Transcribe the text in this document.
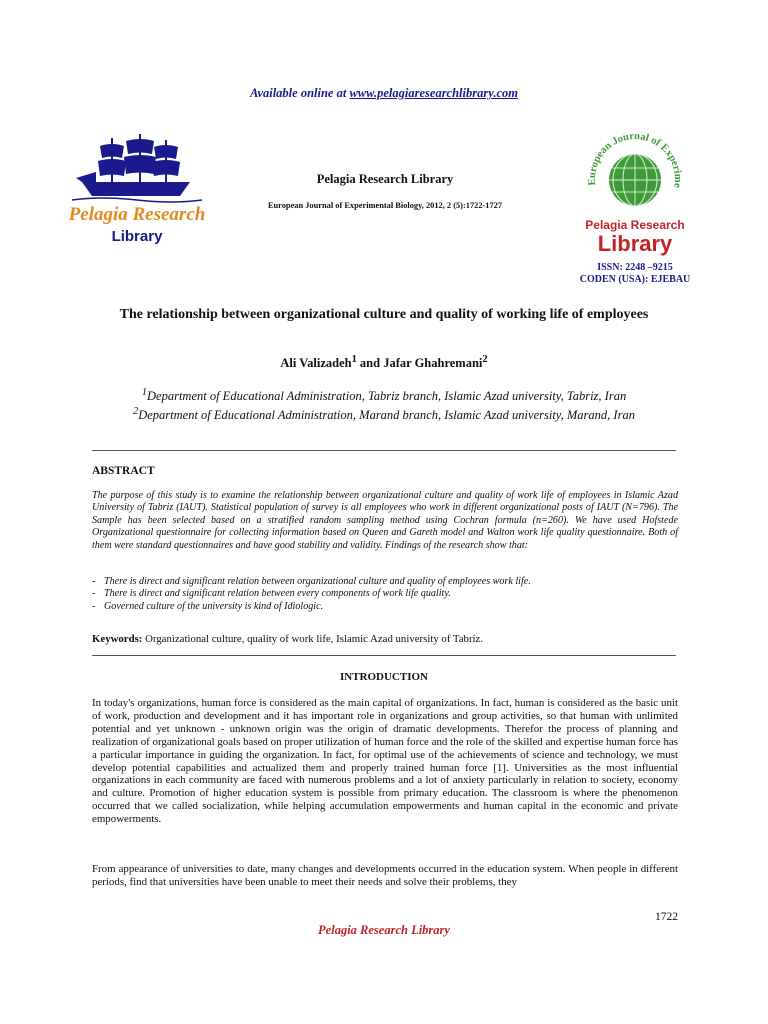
Available online at www.pelagiaresearchlibrary.com
Pelagia Research
Library
Pelagia Research Library
European Journal of Experimental Biology, 2012, 2 (5):1722-1727
European Journal of Experime
Pelagia Research
Library
ISSN: 2248 –9215
CODEN (USA): EJEBAU
The relationship between organizational culture and quality of working life of employees
Ali Valizadeh$^1$ and Jafar Ghahremani$^2$
$^1$Department of Educational Administration, Tabriz branch, Islamic Azad university, Tabriz, Iran
$^2$Department of Educational Administration, Marand branch, Islamic Azad university, Marand, Iran
ABSTRACT
The purpose of this study is to examine the relationship between organizational culture and quality of work life of employees in Islamic Azad University of Tabriz (IAUT). Statistical population of survey is all employees who work in different organizational posts of IAUT (N=796). The Sample has been selected based on a stratified random sampling method using Cochran formula (n=260). We have used Hofstede Organizational questionnaire for collecting information based on Queen and Gareth model and Walton work life quality questionnaire. Both of them were standard questionnaires and have good stability and validity. Findings of the research show that:
- There is direct and significant relation between organizational culture and quality of employees work life.
- There is direct and significant relation between every components of work life quality.
- Governed culture of the university is kind of Idiologic.
Keywords: Organizational culture, quality of work life, Islamic Azad university of Tabriz.
INTRODUCTION
In today's organizations, human force is considered as the main capital of organizations. In fact, human is considered as the basic unit of work, production and development and it has important role in organizations and group activities, so that human with unlimited potential and yet unknown - unknown origin was the origin of dramatic developments. Therefor the process of planning and realization of organizational goals based on proper utilization of human force and the role of the skilled and expertise human force has a particular importance in guiding the organization. In fact, for optimal use of the achievements of science and technology, we must develop potential capabilities and actualized them and properly trained human force [1]. Universities as the most influential organizations in each community are faced with numerous problems and a lot of anxiety particularly in relation to society, economy and culture. Promotion of higher education system is possible from primary education. The classroom is where the phenomenon occurred that we called socialization, while helping accumulation empowerments and human capital in the economic and private empowerments.
From appearance of universities to date, many changes and developments occurred in the education system. When people in different periods, find that universities have been unable to meet their needs and solve their problems, they
1722
Pelagia Research Library
